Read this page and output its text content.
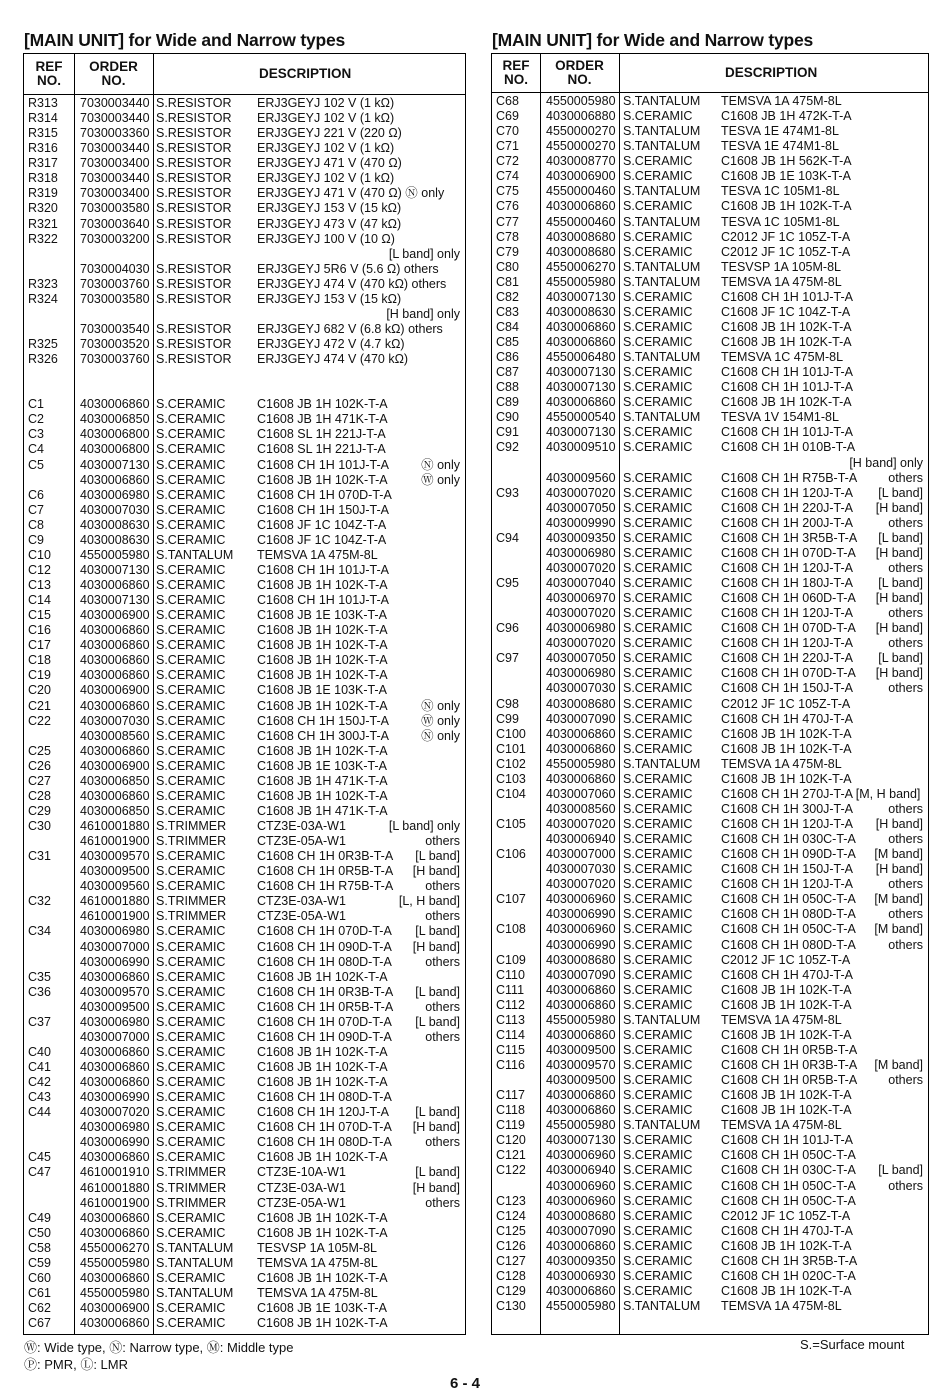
[MAIN UNIT] for Wide and Narrow types	[MAIN UNIT] for Wide and Narrow types
REF
NO.
ORDER
NO.	DESCRIPTION
R313 7030003440 S.RESISTOR ERJ3GEYJ 102 V (1 kΩ)
R314 7030003440 S.RESISTOR ERJ3GEYJ 102 V (1 kΩ)
R315 7030003360 S.RESISTOR ERJ3GEYJ 221 V (220 Ω)
R316 7030003440 S.RESISTOR ERJ3GEYJ 102 V (1 kΩ)
R317 7030003400 S.RESISTOR ERJ3GEYJ 471 V (470 Ω)
R318 7030003440 S.RESISTOR ERJ3GEYJ 102 V (1 kΩ)
R319 7030003400 S.RESISTOR ERJ3GEYJ 471 V (470 Ω) Ⓝ only
R320 7030003580 S.RESISTOR ERJ3GEYJ 153 V (15 kΩ)
R321 7030003640 S.RESISTOR ERJ3GEYJ 473 V (47 kΩ)
R322 7030003200 S.RESISTOR ERJ3GEYJ 100 V (10 Ω)
[L band] only
7030004030 S.RESISTOR ERJ3GEYJ 5R6 V (5.6 Ω) others
R323 7030003760 S.RESISTOR ERJ3GEYJ 474 V (470 kΩ) others
R324 7030003580 S.RESISTOR ERJ3GEYJ 153 V (15 kΩ)
[H band] only
7030003540 S.RESISTOR ERJ3GEYJ 682 V (6.8 kΩ) others
R325 7030003520 S.RESISTOR ERJ3GEYJ 472 V (4.7 kΩ)
R326 7030003760 S.RESISTOR ERJ3GEYJ 474 V (470 kΩ)
C1	4030006860 S.CERAMIC	C1608 JB 1H 102K-T-A
C2	4030006850 S.CERAMIC	C1608 JB 1H 471K-T-A
C3	4030006800 S.CERAMIC	C1608 SL 1H 221J-T-A
C4	4030006800 S.CERAMIC	C1608 SL 1H 221J-T-A
C5	4030007130 S.CERAMIC	C1608 CH 1H 101J-T-A	Ⓝ only
4030006860 S.CERAMIC	C1608 JB 1H 102K-T-A	Ⓦ only
C6	4030006980 S.CERAMIC	C1608 CH 1H 070D-T-A
C7	4030007030 S.CERAMIC	C1608 CH 1H 150J-T-A
C8	4030008630 S.CERAMIC	C1608 JF 1C 104Z-T-A
C9	4030008630 S.CERAMIC	C1608 JF 1C 104Z-T-A
C10 4550005980 S.TANTALUM TEMSVA 1A 475M-8L
C12 4030007130 S.CERAMIC	C1608 CH 1H 101J-T-A
C13 4030006860 S.CERAMIC	C1608 JB 1H 102K-T-A
C14 4030007130 S.CERAMIC	C1608 CH 1H 101J-T-A
C15 4030006900 S.CERAMIC	C1608 JB 1E 103K-T-A
C16 4030006860 S.CERAMIC	C1608 JB 1H 102K-T-A
C17 4030006860 S.CERAMIC	C1608 JB 1H 102K-T-A
C18 4030006860 S.CERAMIC	C1608 JB 1H 102K-T-A
C19 4030006860 S.CERAMIC	C1608 JB 1H 102K-T-A
C20 4030006900 S.CERAMIC	C1608 JB 1E 103K-T-A
C21 4030006860 S.CERAMIC	C1608 JB 1H 102K-T-A	Ⓝ only
C22 4030007030 S.CERAMIC	C1608 CH 1H 150J-T-A	Ⓦ only
4030008560 S.CERAMIC	C1608 CH 1H 300J-T-A	Ⓝ only
C25 4030006860 S.CERAMIC	C1608 JB 1H 102K-T-A
C26 4030006900 S.CERAMIC	C1608 JB 1E 103K-T-A
C27 4030006850 S.CERAMIC	C1608 JB 1H 471K-T-A
C28 4030006860 S.CERAMIC	C1608 JB 1H 102K-T-A
C29 4030006850 S.CERAMIC	C1608 JB 1H 471K-T-A
C30 4610001880 S.TRIMMER CTZ3E-03A-W1	[L band] only
4610001900 S.TRIMMER CTZ3E-05A-W1	others
C31 4030009570 S.CERAMIC	C1608 CH 1H 0R3B-T-A [L band]
4030009500 S.CERAMIC	C1608 CH 1H 0R5B-T-A [H band]
4030009560 S.CERAMIC	C1608 CH 1H R75B-T-A	others
C32 4610001880 S.TRIMMER CTZ3E-03A-W1	[L, H band]
4610001900 S.TRIMMER CTZ3E-05A-W1	others
C34 4030006980 S.CERAMIC	C1608 CH 1H 070D-T-A [L band]
4030007000 S.CERAMIC	C1608 CH 1H 090D-T-A [H band]
4030006990 S.CERAMIC	C1608 CH 1H 080D-T-A	others
C35 4030006860 S.CERAMIC	C1608 JB 1H 102K-T-A
C36 4030009570 S.CERAMIC	C1608 CH 1H 0R3B-T-A [L band]
4030009500 S.CERAMIC	C1608 CH 1H 0R5B-T-A	others
C37 4030006980 S.CERAMIC	C1608 CH 1H 070D-T-A [L band]
4030007000 S.CERAMIC	C1608 CH 1H 090D-T-A	others
C40 4030006860 S.CERAMIC	C1608 JB 1H 102K-T-A
C41 4030006860 S.CERAMIC	C1608 JB 1H 102K-T-A
C42 4030006860 S.CERAMIC	C1608 JB 1H 102K-T-A
C43 4030006990 S.CERAMIC	C1608 CH 1H 080D-T-A
C44 4030007020 S.CERAMIC	C1608 CH 1H 120J-T-A [L band]
4030006980 S.CERAMIC	C1608 CH 1H 070D-T-A [H band]
4030006990 S.CERAMIC	C1608 CH 1H 080D-T-A	others
C45 4030006860 S.CERAMIC	C1608 JB 1H 102K-T-A
C47 4610001910 S.TRIMMER CTZ3E-10A-W1	[L band]
4610001880 S.TRIMMER CTZ3E-03A-W1	[H band]
4610001900 S.TRIMMER CTZ3E-05A-W1	others
C49 4030006860 S.CERAMIC	C1608 JB 1H 102K-T-A
C50 4030006860 S.CERAMIC	C1608 JB 1H 102K-T-A
C58 4550006270 S.TANTALUM TESVSP 1A 105M-8L
C59 4550005980 S.TANTALUM TEMSVA 1A 475M-8L
C60 4030006860 S.CERAMIC	C1608 JB 1H 102K-T-A
C61 4550005980 S.TANTALUM TEMSVA 1A 475M-8L
C62 4030006900 S.CERAMIC	C1608 JB 1E 103K-T-A
C67 4030006860 S.CERAMIC	C1608 JB 1H 102K-T-A
REF
NO.
ORDER
NO.	DESCRIPTION
C68 4550005980 S.TANTALUM TEMSVA 1A 475M-8L
C69 4030006880 S.CERAMIC C1608 JB 1H 472K-T-A
C70 4550000270 S.TANTALUM TESVA 1E 474M1-8L
C71 4550000270 S.TANTALUM TESVA 1E 474M1-8L
C72 4030008770 S.CERAMIC C1608 JB 1H 562K-T-A
C74 4030006900 S.CERAMIC C1608 JB 1E 103K-T-A
C75 4550000460 S.TANTALUM TESVA 1C 105M1-8L
C76 4030006860 S.CERAMIC C1608 JB 1H 102K-T-A
C77 4550000460 S.TANTALUM TESVA 1C 105M1-8L
C78 4030008680 S.CERAMIC C2012 JF 1C 105Z-T-A
C79 4030008680 S.CERAMIC C2012 JF 1C 105Z-T-A
C80 4550006270 S.TANTALUM TESVSP 1A 105M-8L
C81 4550005980 S.TANTALUM TEMSVA 1A 475M-8L
C82 4030007130 S.CERAMIC C1608 CH 1H 101J-T-A
C83 4030008630 S.CERAMIC C1608 JF 1C 104Z-T-A
C84 4030006860 S.CERAMIC C1608 JB 1H 102K-T-A
C85 4030006860 S.CERAMIC C1608 JB 1H 102K-T-A
C86 4550006480 S.TANTALUM TEMSVA 1C 475M-8L
C87 4030007130 S.CERAMIC C1608 CH 1H 101J-T-A
C88 4030007130 S.CERAMIC C1608 CH 1H 101J-T-A
C89 4030006860 S.CERAMIC C1608 JB 1H 102K-T-A
C90 4550000540 S.TANTALUM TESVA 1V 154M1-8L
C91 4030007130 S.CERAMIC C1608 CH 1H 101J-T-A
C92 4030009510 S.CERAMIC C1608 CH 1H 010B-T-A
[H band] only
4030009560 S.CERAMIC C1608 CH 1H R75B-T-A others
C93 4030007020 S.CERAMIC C1608 CH 1H 120J-T-A [L band]
4030007050 S.CERAMIC C1608 CH 1H 220J-T-A [H band]
4030009990 S.CERAMIC C1608 CH 1H 200J-T-A	others
C94 4030009350 S.CERAMIC C1608 CH 1H 3R5B-T-A [L band]
4030006980 S.CERAMIC C1608 CH 1H 070D-T-A [H band]
4030007020 S.CERAMIC C1608 CH 1H 120J-T-A	others
C95 4030007040 S.CERAMIC C1608 CH 1H 180J-T-A [L band]
4030006970 S.CERAMIC C1608 CH 1H 060D-T-A [H band]
4030007020 S.CERAMIC C1608 CH 1H 120J-T-A	others
C96 4030006980 S.CERAMIC C1608 CH 1H 070D-T-A [H band]
4030007020 S.CERAMIC C1608 CH 1H 120J-T-A	others
C97 4030007050 S.CERAMIC C1608 CH 1H 220J-T-A [L band]
4030006980 S.CERAMIC C1608 CH 1H 070D-T-A [H band]
4030007030 S.CERAMIC C1608 CH 1H 150J-T-A	others
C98 4030008680 S.CERAMIC C2012 JF 1C 105Z-T-A
C99 4030007090 S.CERAMIC C1608 CH 1H 470J-T-A
C100 4030006860 S.CERAMIC C1608 JB 1H 102K-T-A
C101 4030006860 S.CERAMIC C1608 JB 1H 102K-T-A
C102 4550005980 S.TANTALUM TEMSVA 1A 475M-8L
C103 4030006860 S.CERAMIC C1608 JB 1H 102K-T-A
C104 4030007060 S.CERAMIC C1608 CH 1H 270J-T-A [M, H band]
4030008560 S.CERAMIC C1608 CH 1H 300J-T-A	others
C105 4030007020 S.CERAMIC C1608 CH 1H 120J-T-A [H band]
4030006940 S.CERAMIC C1608 CH 1H 030C-T-A	others
C106 4030007000 S.CERAMIC C1608 CH 1H 090D-T-A [M band]
4030007030 S.CERAMIC C1608 CH 1H 150J-T-A [H band]
4030007020 S.CERAMIC C1608 CH 1H 120J-T-A	others
C107 4030006960 S.CERAMIC C1608 CH 1H 050C-T-A [M band]
4030006990 S.CERAMIC C1608 CH 1H 080D-T-A	others
C108 4030006960 S.CERAMIC C1608 CH 1H 050C-T-A [M band]
4030006990 S.CERAMIC C1608 CH 1H 080D-T-A	others
C109 4030008680 S.CERAMIC C2012 JF 1C 105Z-T-A
C110 4030007090 S.CERAMIC C1608 CH 1H 470J-T-A
C111 4030006860 S.CERAMIC C1608 JB 1H 102K-T-A
C112 4030006860 S.CERAMIC C1608 JB 1H 102K-T-A
C113 4550005980 S.TANTALUM TEMSVA 1A 475M-8L
C114 4030006860 S.CERAMIC C1608 JB 1H 102K-T-A
C115 4030009500 S.CERAMIC C1608 CH 1H 0R5B-T-A
C116 4030009570 S.CERAMIC C1608 CH 1H 0R3B-T-A [M band]
4030009500 S.CERAMIC C1608 CH 1H 0R5B-T-A others
C117 4030006860 S.CERAMIC C1608 JB 1H 102K-T-A
C118 4030006860 S.CERAMIC C1608 JB 1H 102K-T-A
C119 4550005980 S.TANTALUM TEMSVA 1A 475M-8L
C120 4030007130 S.CERAMIC C1608 CH 1H 101J-T-A
C121 4030006960 S.CERAMIC C1608 CH 1H 050C-T-A
C122 4030006940 S.CERAMIC C1608 CH 1H 030C-T-A [L band]
4030006960 S.CERAMIC C1608 CH 1H 050C-T-A	others
C123 4030006960 S.CERAMIC C1608 CH 1H 050C-T-A
C124 4030008680 S.CERAMIC C2012 JF 1C 105Z-T-A
C125 4030007090 S.CERAMIC C1608 CH 1H 470J-T-A
C126 4030006860 S.CERAMIC C1608 JB 1H 102K-T-A
C127 4030009350 S.CERAMIC C1608 CH 1H 3R5B-T-A
C128 4030006930 S.CERAMIC C1608 CH 1H 020C-T-A
C129 4030006860 S.CERAMIC C1608 JB 1H 102K-T-A
C130 4550005980 S.TANTALUM TEMSVA 1A 475M-8L
Ⓦ: Wide type, Ⓝ: Narrow type, Ⓜ: Middle type
Ⓟ: PMR, Ⓛ: LMR
S.=Surface mount
6 - 4
